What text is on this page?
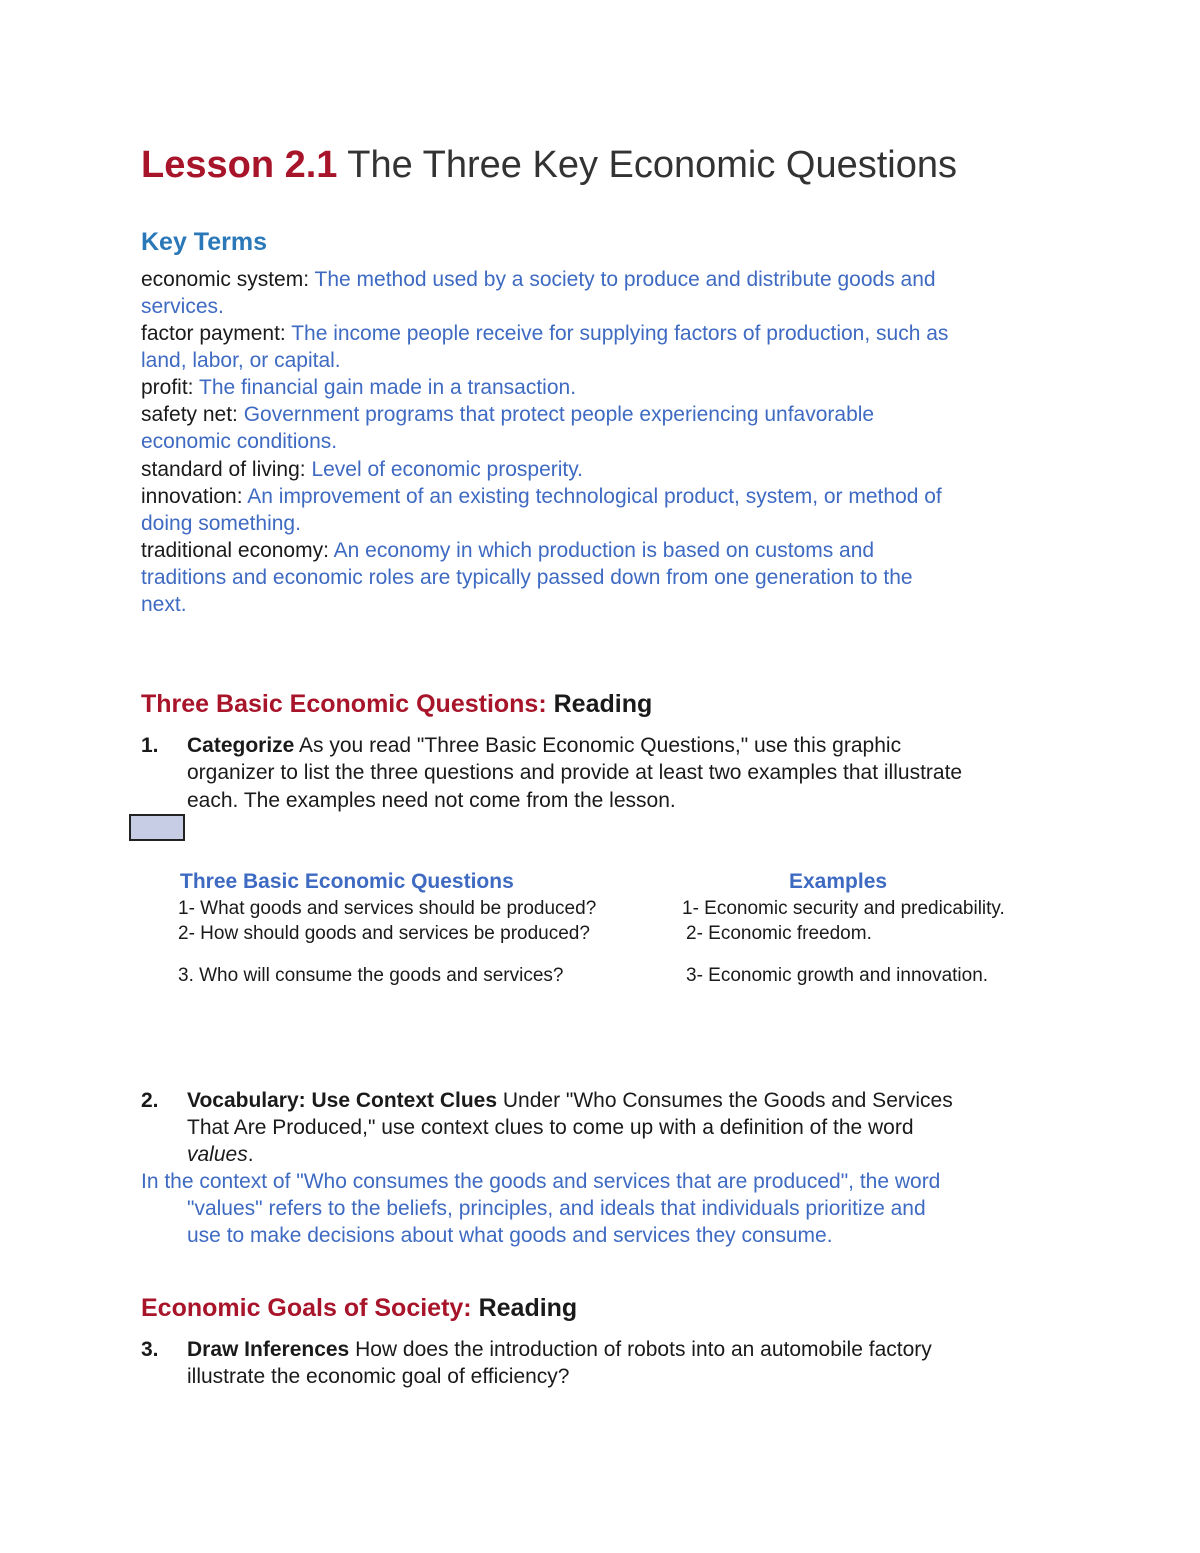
Lesson 2.1 The Three Key Economic Questions
Key Terms
economic system: The method used by a society to produce and distribute goods and
services.
factor payment: The income people receive for supplying factors of production, such as
land, labor, or capital.
profit: The financial gain made in a transaction.
safety net: Government programs that protect people experiencing unfavorable
economic conditions.
standard of living: Level of economic prosperity.
innovation: An improvement of an existing technological product, system, or method of
doing something.
traditional economy: An economy in which production is based on customs and
traditions and economic roles are typically passed down from one generation to the
next.
Three Basic Economic Questions: Reading
1. Categorize As you read "Three Basic Economic Questions," use this graphic
organizer to list the three questions and provide at least two examples that illustrate
each. The examples need not come from the lesson.
Three Basic Economic Questions	Examples
1- What goods and services should be produced?	1- Economic security and predicability.
2- How should goods and services be produced?	2- Economic freedom.
3. Who will consume the goods and services?	3- Economic growth and innovation.
2. Vocabulary: Use Context Clues Under "Who Consumes the Goods and Services
That Are Produced," use context clues to come up with a definition of the word
values.
In the context of "Who consumes the goods and services that are produced", the word
"values" refers to the beliefs, principles, and ideals that individuals prioritize and
use to make decisions about what goods and services they consume.
Economic Goals of Society: Reading
3. Draw Inferences How does the introduction of robots into an automobile factory
illustrate the economic goal of efficiency?
